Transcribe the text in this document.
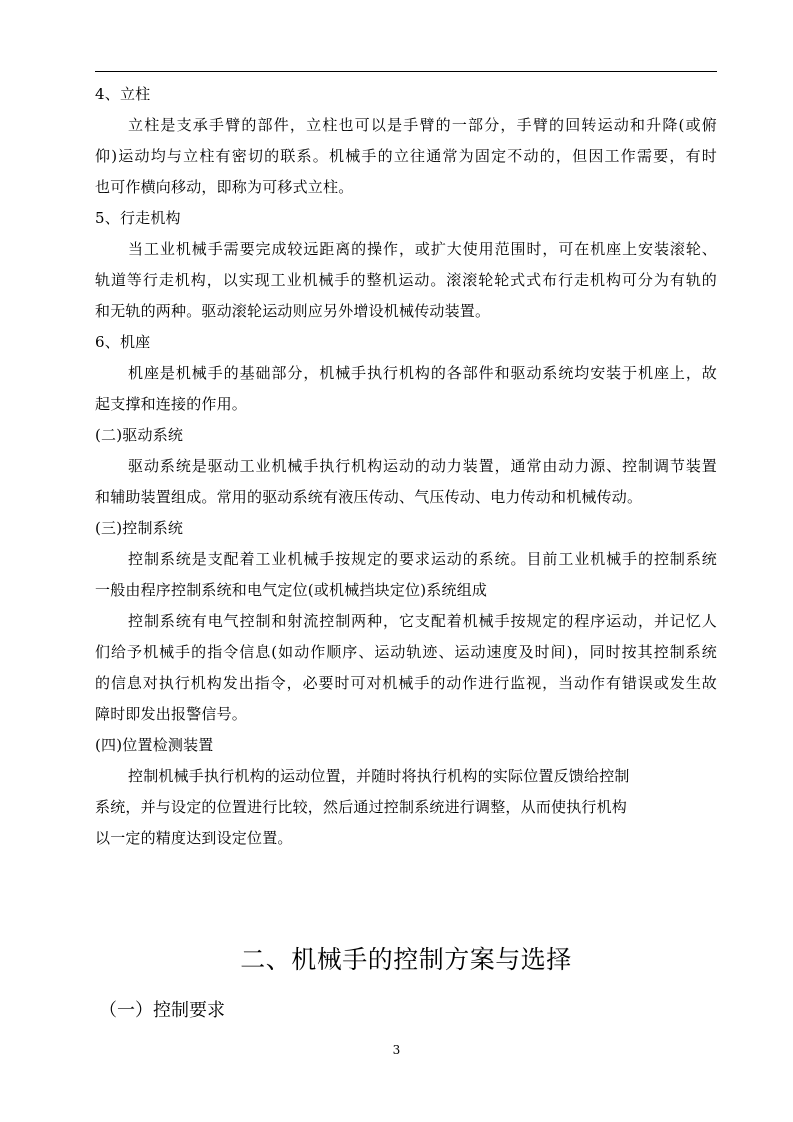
4、立柱
立柱是支承手臂的部件，立柱也可以是手臂的一部分，手臂的回转运动和升降(或俯
仰)运动均与立柱有密切的联系。机械手的立往通常为固定不动的，但因工作需要，有时
也可作横向移动，即称为可移式立柱。
5、行走机构
当工业机械手需要完成较远距离的操作，或扩大使用范围时，可在机座上安装滚轮、
轨道等行走机构，以实现工业机械手的整机运动。滚滚轮轮式式布行走机构可分为有轨的
和无轨的两种。驱动滚轮运动则应另外增设机械传动装置。
6、机座
机座是机械手的基础部分，机械手执行机构的各部件和驱动系统均安装于机座上，故
起支撑和连接的作用。
(二)驱动系统
驱动系统是驱动工业机械手执行机构运动的动力装置，通常由动力源、控制调节装置
和辅助装置组成。常用的驱动系统有液压传动、气压传动、电力传动和机械传动。
(三)控制系统
控制系统是支配着工业机械手按规定的要求运动的系统。目前工业机械手的控制系统
一般由程序控制系统和电气定位(或机械挡块定位)系统组成
控制系统有电气控制和射流控制两种，它支配着机械手按规定的程序运动，并记忆人
们给予机械手的指令信息(如动作顺序、运动轨迹、运动速度及时间)，同时按其控制系统
的信息对执行机构发出指令，必要时可对机械手的动作进行监视，当动作有错误或发生故
障时即发出报警信号。
(四)位置检测装置
控制机械手执行机构的运动位置，并随时将执行机构的实际位置反馈给控制
系统，并与设定的位置进行比较，然后通过控制系统进行调整，从而使执行机构
以一定的精度达到设定位置。
二、机械手的控制方案与选择
（一）控制要求
3
